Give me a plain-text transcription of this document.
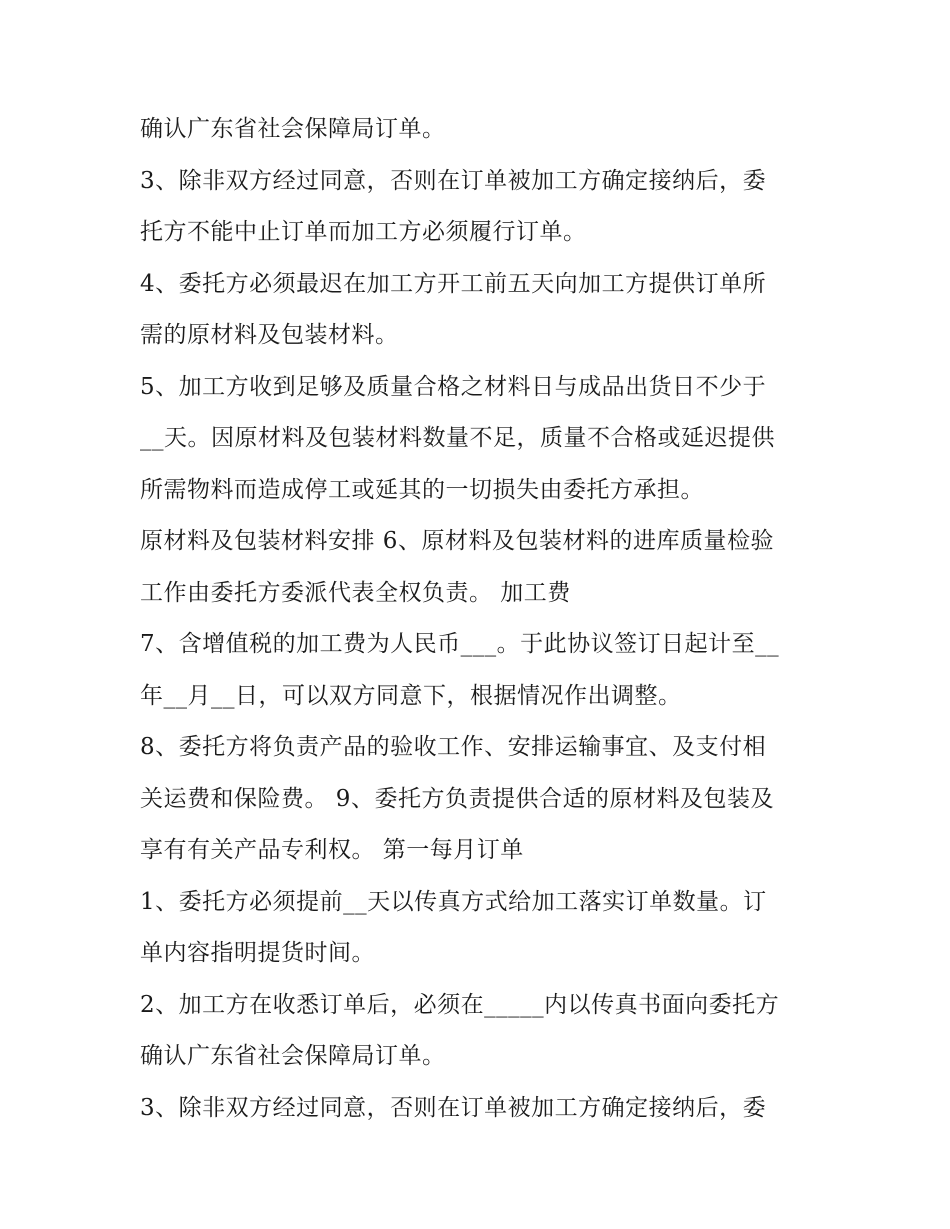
确认广东省社会保障局订单。
3、除非双方经过同意，否则在订单被加工方确定接纳后，委
托方不能中止订单而加工方必须履行订单。
4、委托方必须最迟在加工方开工前五天向加工方提供订单所
需的原材料及包装材料。
5、加工方收到足够及质量合格之材料日与成品出货日不少于
__天。因原材料及包装材料数量不足，质量不合格或延迟提供
所需物料而造成停工或延其的一切损失由委托方承担。
原材料及包装材料安排 6、原材料及包装材料的进库质量检验
工作由委托方委派代表全权负责。 加工费
7、含增值税的加工费为人民币___。于此协议签订日起计至__
年__月__日，可以双方同意下，根据情况作出调整。
8、委托方将负责产品的验收工作、安排运输事宜、及支付相
关运费和保险费。 9、委托方负责提供合适的原材料及包装及
享有有关产品专利权。 第一每月订单
1、委托方必须提前__天以传真方式给加工落实订单数量。订
单内容指明提货时间。
2、加工方在收悉订单后，必须在_____内以传真书面向委托方
确认广东省社会保障局订单。
3、除非双方经过同意，否则在订单被加工方确定接纳后，委
